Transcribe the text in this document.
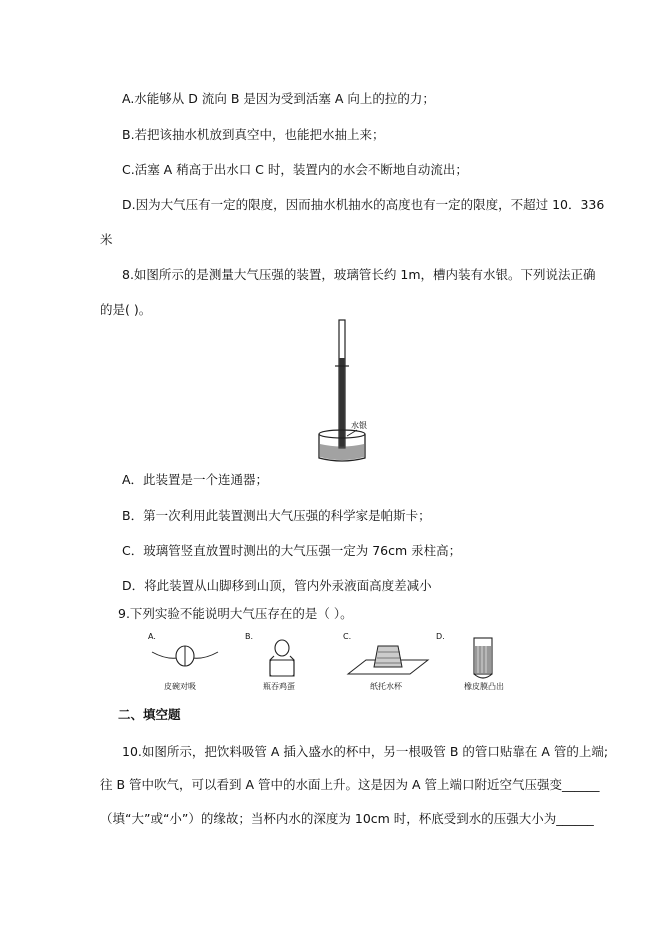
A.水能够从 D 流向 B 是因为受到活塞 A 向上的拉的力；
B.若把该抽水机放到真空中，也能把水抽上来；
C.活塞 A 稍高于出水口 C 时，装置内的水会不断地自动流出；
D.因为大气压有一定的限度，因而抽水机抽水的高度也有一定的限度，不超过 10．336
米
8.如图所示的是测量大气压强的装置，玻璃管长约 1m，槽内装有水银。下列说法正确
的是( )。
水银
A．此装置是一个连通器；
B．第一次利用此装置测出大气压强的科学家是帕斯卡；
C．玻璃管竖直放置时测出的大气压强一定为 76cm 汞柱高；
D．将此装置从山脚移到山顶，管内外汞液面高度差减小
9.下列实验不能说明大气压存在的是（ ）。
A.
皮碗对吸
B.
瓶吞鸡蛋
C.
纸托水杯
D.
橡皮膜凸出
二、填空题
10.如图所示，把饮料吸管 A 插入盛水的杯中，另一根吸管 B 的管口贴靠在 A 管的上端;
往 B 管中吹气，可以看到 A 管中的水面上升。这是因为 A 管上端口附近空气压强变______
（填“大”或“小”）的缘故；当杯内水的深度为 10cm 时，杯底受到水的压强大小为______
